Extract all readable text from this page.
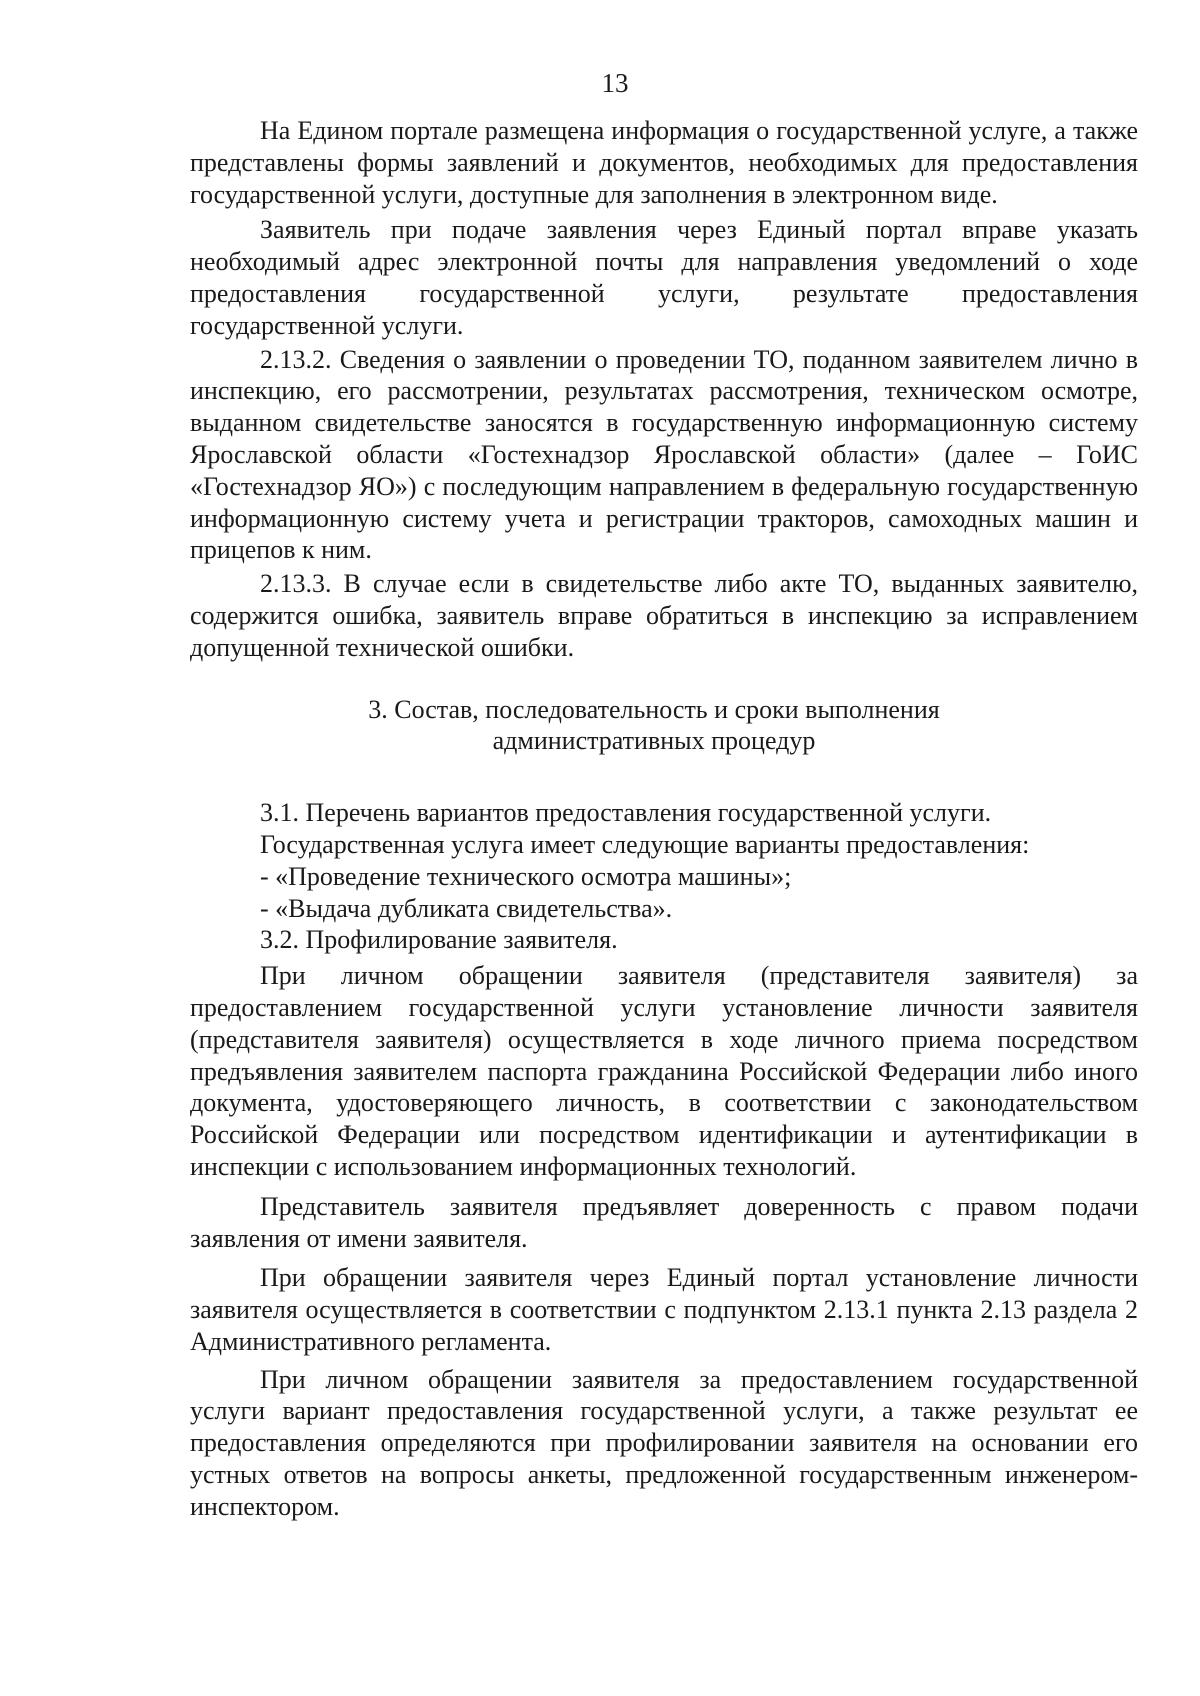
13

На Едином портале размещена информация о государственной услуге, а также представлены формы заявлений и документов, необходимых для предоставления государственной услуги, доступные для заполнения в электронном виде.

Заявитель при подаче заявления через Единый портал вправе указать необходимый адрес электронной почты для направления уведомлений о ходе предоставления государственной услуги, результате предоставления государственной услуги.

2.13.2. Сведения о заявлении о проведении ТО, поданном заявителем лично в инспекцию, его рассмотрении, результатах рассмотрения, техническом осмотре, выданном свидетельстве заносятся в государственную информационную систему Ярославской области «Гостехнадзор Ярославской области» (далее – ГоИС «Гостехнадзор ЯО») с последующим направлением в федеральную государственную информационную систему учета и регистрации тракторов, самоходных машин и прицепов к ним.

2.13.3. В случае если в свидетельстве либо акте ТО, выданных заявителю, содержится ошибка, заявитель вправе обратиться в инспекцию за исправлением допущенной технической ошибки.

3. Состав, последовательность и сроки выполнения
административных процедур

3.1. Перечень вариантов предоставления государственной услуги.

Государственная услуга имеет следующие варианты предоставления:

- «Проведение технического осмотра машины»;

- «Выдача дубликата свидетельства».

3.2. Профилирование заявителя.

При личном обращении заявителя (представителя заявителя) за предоставлением государственной услуги установление личности заявителя (представителя заявителя) осуществляется в ходе личного приема посредством предъявления заявителем паспорта гражданина Российской Федерации либо иного документа, удостоверяющего личность, в соответствии с законодательством Российской Федерации или посредством идентификации и аутентификации в инспекции с использованием информационных технологий.

Представитель заявителя предъявляет доверенность с правом подачи заявления от имени заявителя.

При обращении заявителя через Единый портал установление личности заявителя осуществляется в соответствии с подпунктом 2.13.1 пункта 2.13 раздела 2 Административного регламента.

При личном обращении заявителя за предоставлением государственной услуги вариант предоставления государственной услуги, а также результат ее предоставления определяются при профилировании заявителя на основании его устных ответов на вопросы анкеты, предложенной государственным инженером-инспектором.
